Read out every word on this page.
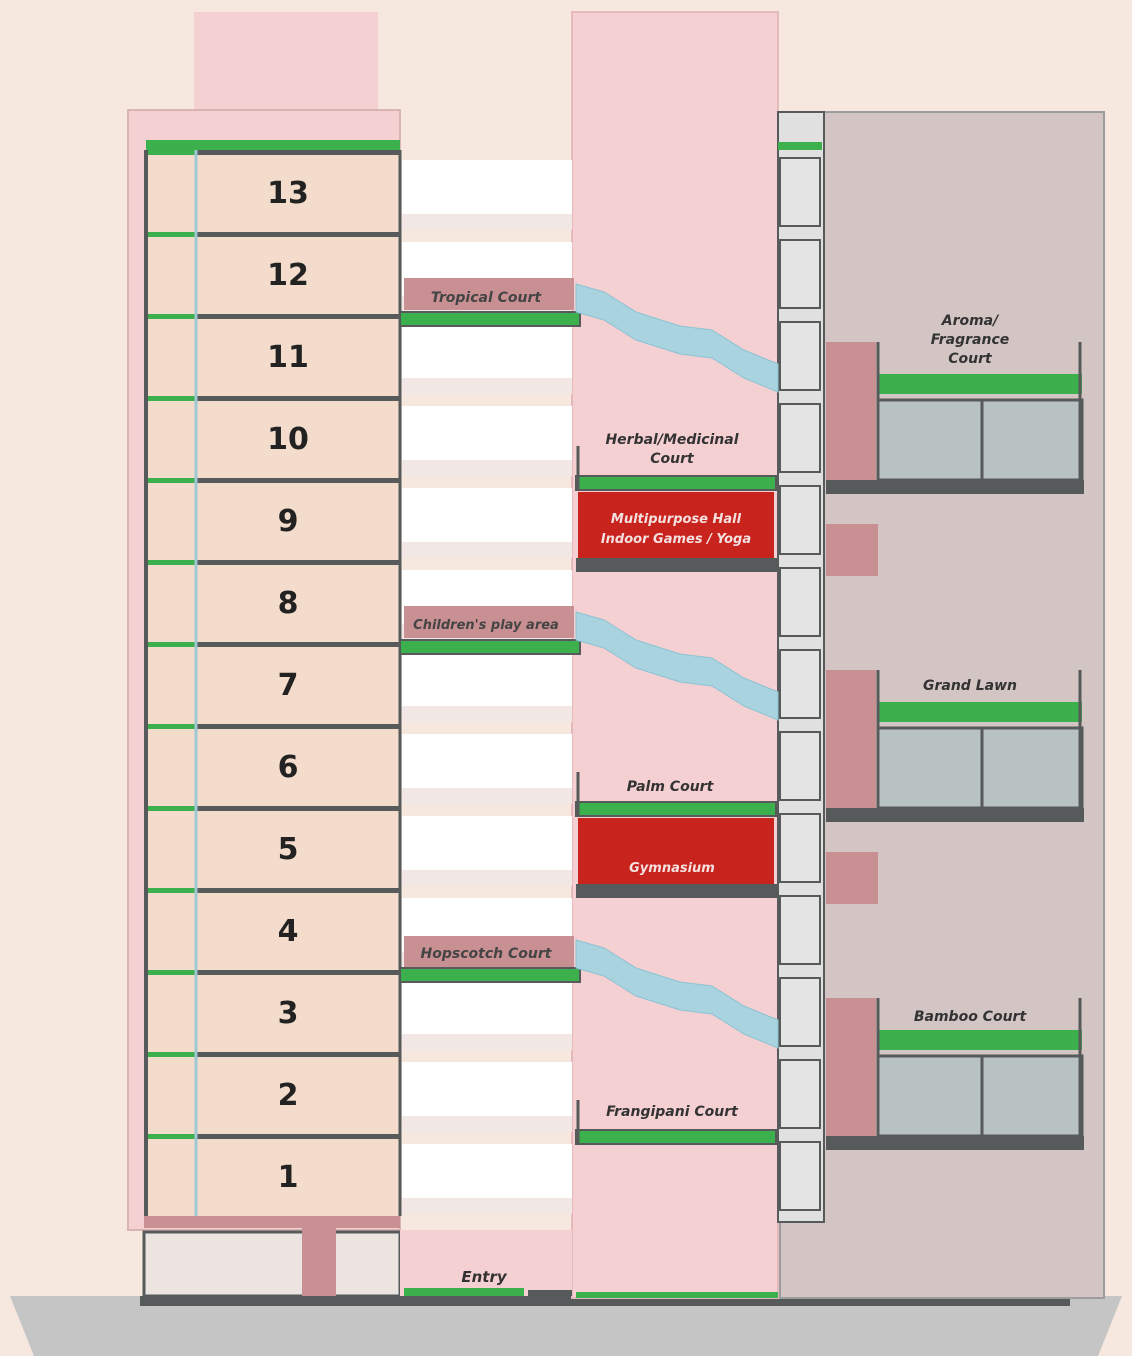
Tropical Court
Children's play area
Hopscotch Court
Herbal/Medicinal
Court
Multipurpose Hall
Indoor Games / Yoga
Palm Court
Gymnasium
Frangipani Court
Aroma/
Fragrance
Court
Grand Lawn
Bamboo Court
Entry
1
2
3
4
5
6
7
8
9
10
11
12
13
